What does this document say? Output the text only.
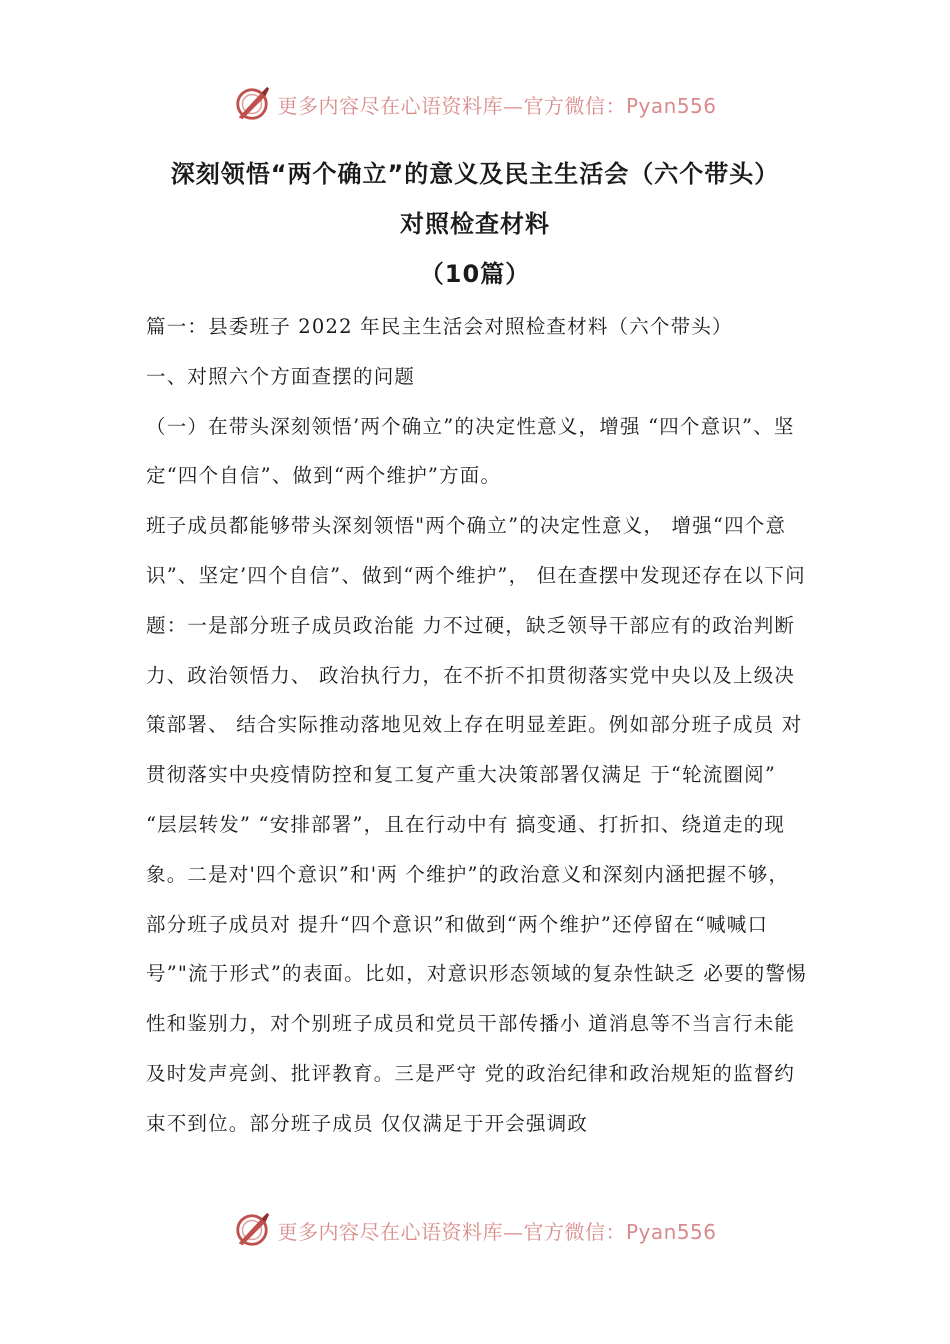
更多内容尽在心语资料库—官方微信：Pyan556
深刻领悟“两个确立”的意义及民主生活会（六个带头）
对照检查材料
（10篇）

篇一：县委班子 2022 年民主生活会对照检查材料（六个带头）

一、对照六个方面查摆的问题

（一）在带头深刻领悟’两个确立”的决定性意义，增强 “四个意识”、坚定“四个自信”、做到“两个维护”方面。

班子成员都能够带头深刻领悟"两个确立”的决定性意义， 增强“四个意识”、坚定’四个自信”、做到“两个维护”， 但在查摆中发现还存在以下问题：一是部分班子成员政治能 力不过硬，缺乏领导干部应有的政治判断力、政治领悟力、 政治执行力，在不折不扣贯彻落实党中央以及上级决策部署、 结合实际推动落地见效上存在明显差距。例如部分班子成员 对贯彻落实中央疫情防控和复工复产重大决策部署仅满足 于“轮流圈阅” “层层转发” “安排部署”，且在行动中有 搞变通、打折扣、绕道走的现象。二是对'四个意识”和'两 个维护”的政治意义和深刻内涵把握不够，部分班子成员对 提升“四个意识”和做到“两个维护”还停留在“喊喊口号”"流于形式”的表面。比如，对意识形态领域的复杂性缺乏 必要的警惕性和鉴别力，对个别班子成员和党员干部传播小 道消息等不当言行未能及时发声亮剑、批评教育。三是严守 党的政治纪律和政治规矩的监督约束不到位。部分班子成员 仅仅满足于开会强调政

更多内容尽在心语资料库—官方微信：Pyan556
